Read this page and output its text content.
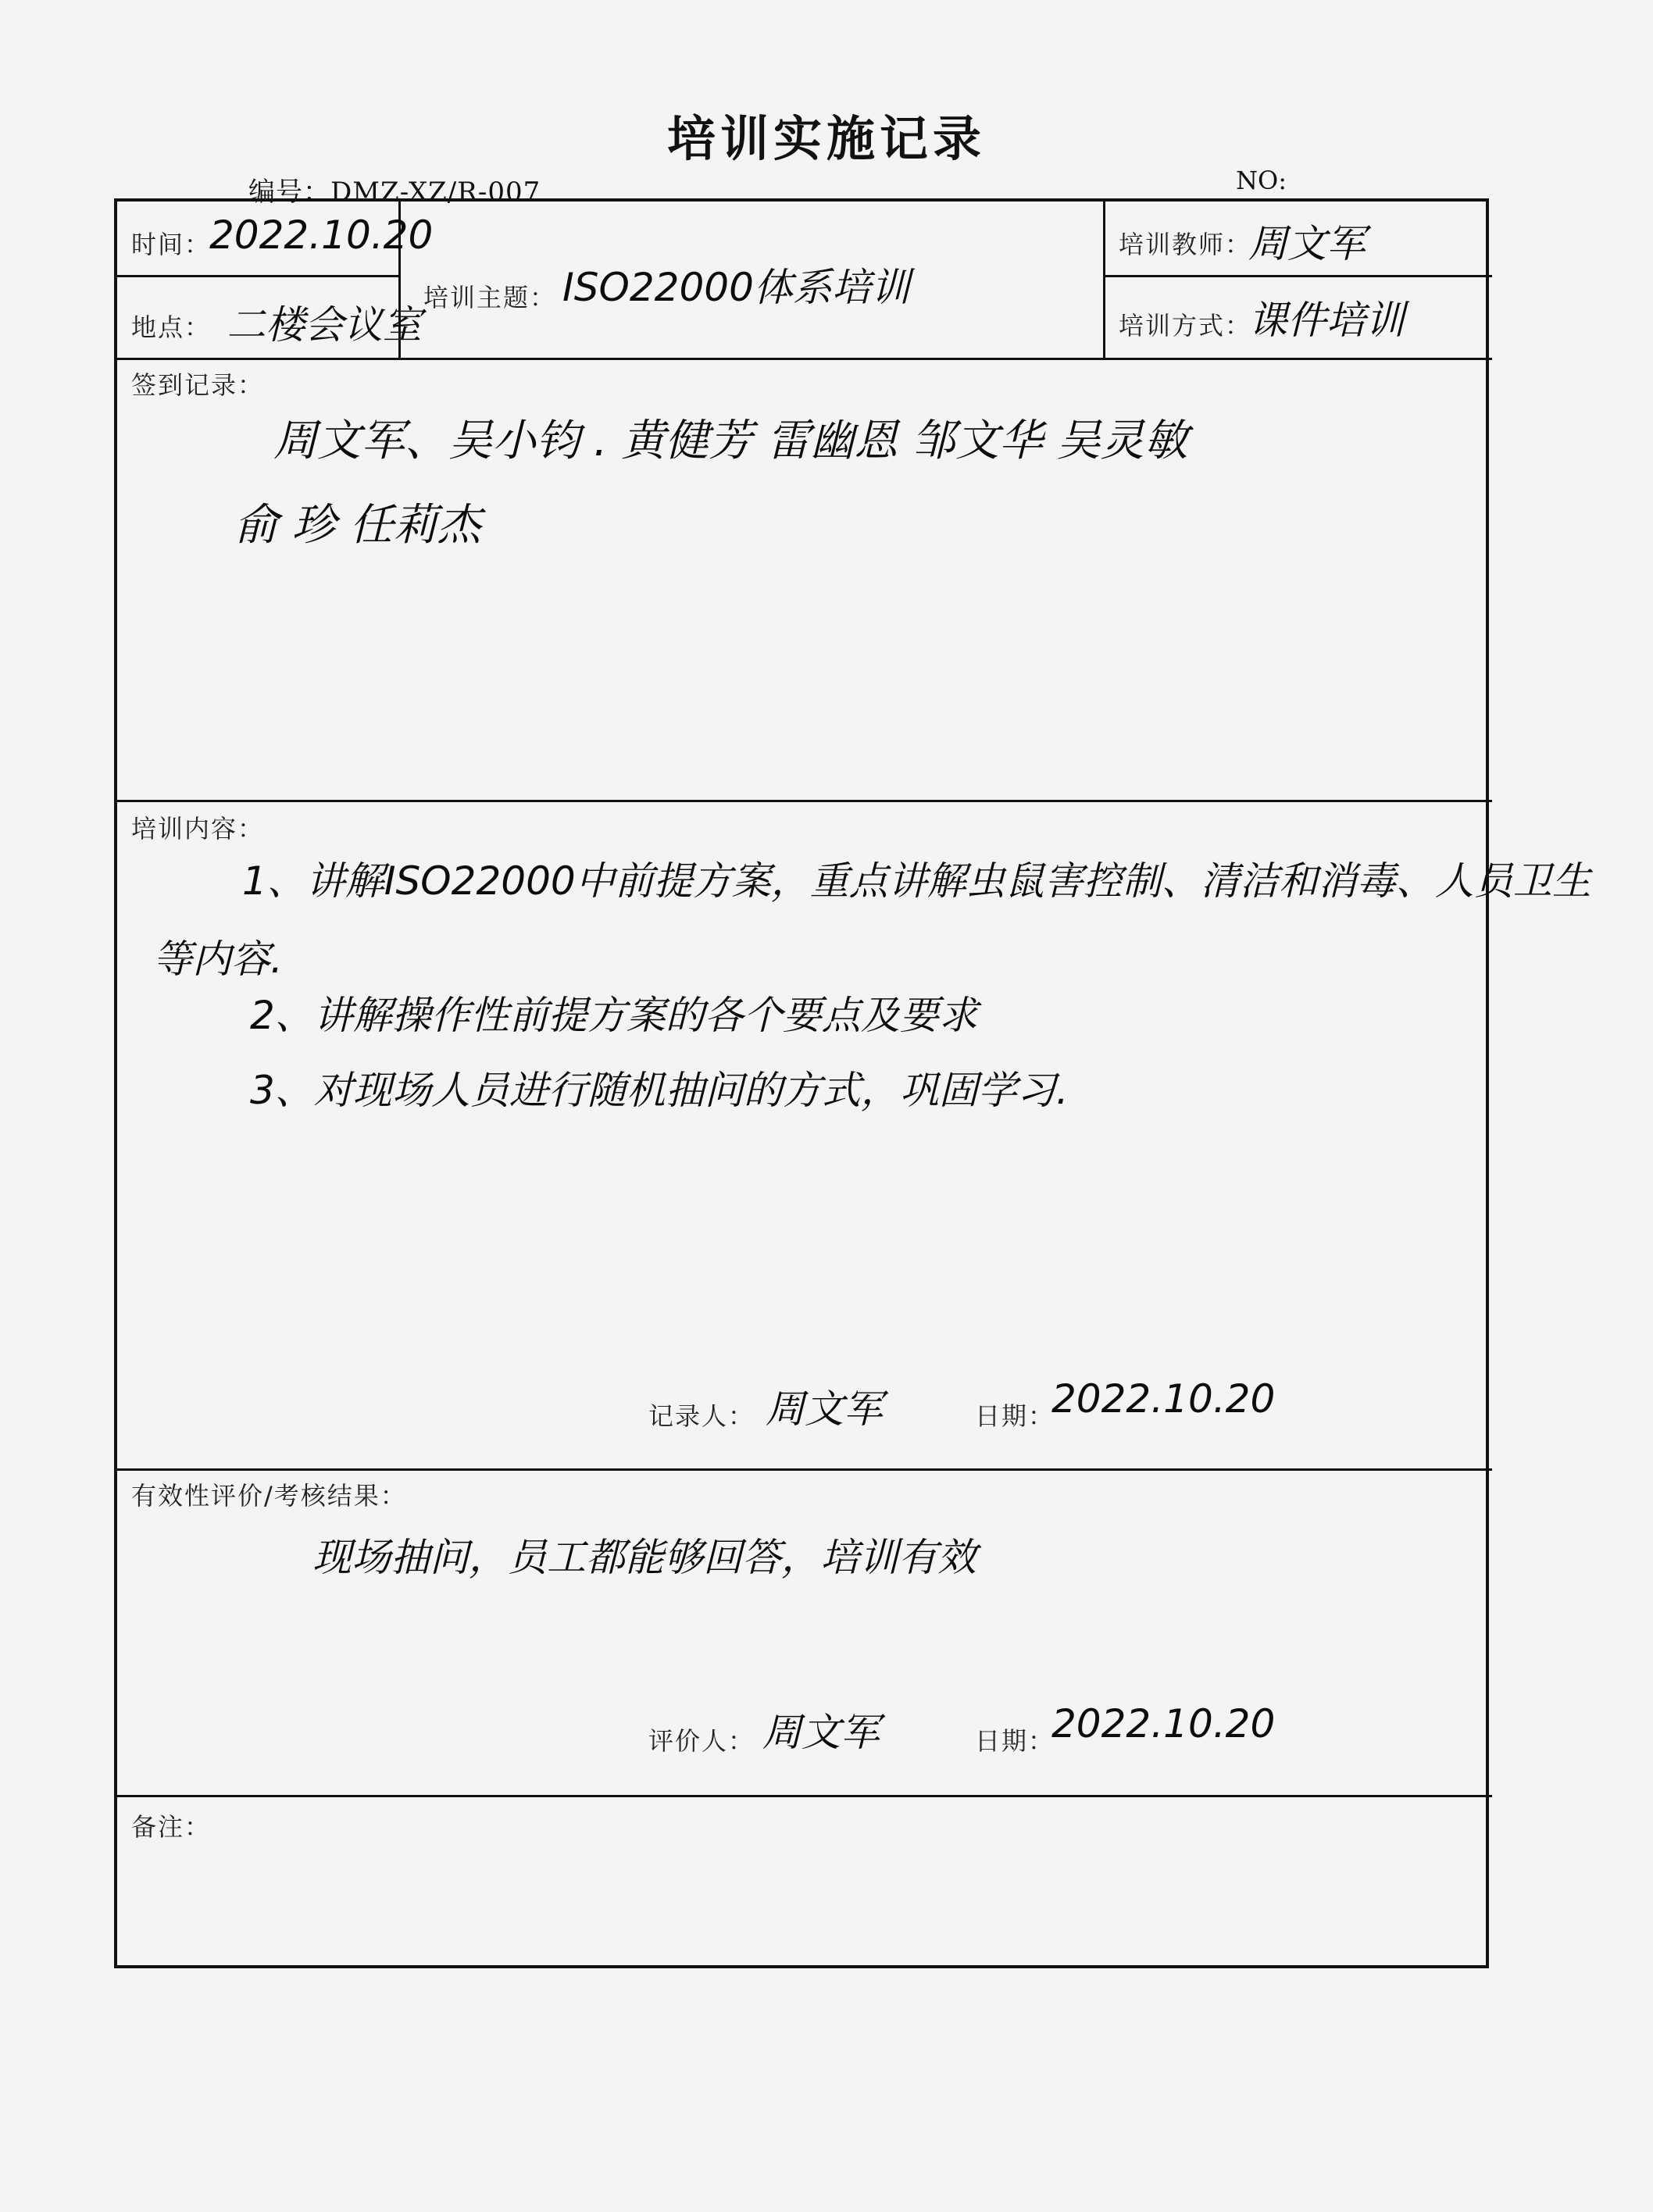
培训实施记录
编号：DMZ-XZ/R-007	NO:
时间：
2022.10.20
地点： 二楼会议室
培训主题： ISO22000体系培训
培训教师：
周文军
培训方式：
课件培训
签到记录：
周文军、吴小钧 . 黄健芳 雷幽恩 邹文华 吴灵敏
俞 珍 任莉杰
培训内容：
1、讲解ISO22000中前提方案，重点讲解虫鼠害控制、清洁和消毒、人员卫生
等内容.
2、讲解操作性前提方案的各个要点及要求
3、对现场人员进行随机抽问的方式，巩固学习.
记录人： 周文军	日期：
2022.10.20
有效性评价/考核结果：
现场抽问，员工都能够回答，培训有效
评价人： 周文军	日期：
2022.10.20
备注：
